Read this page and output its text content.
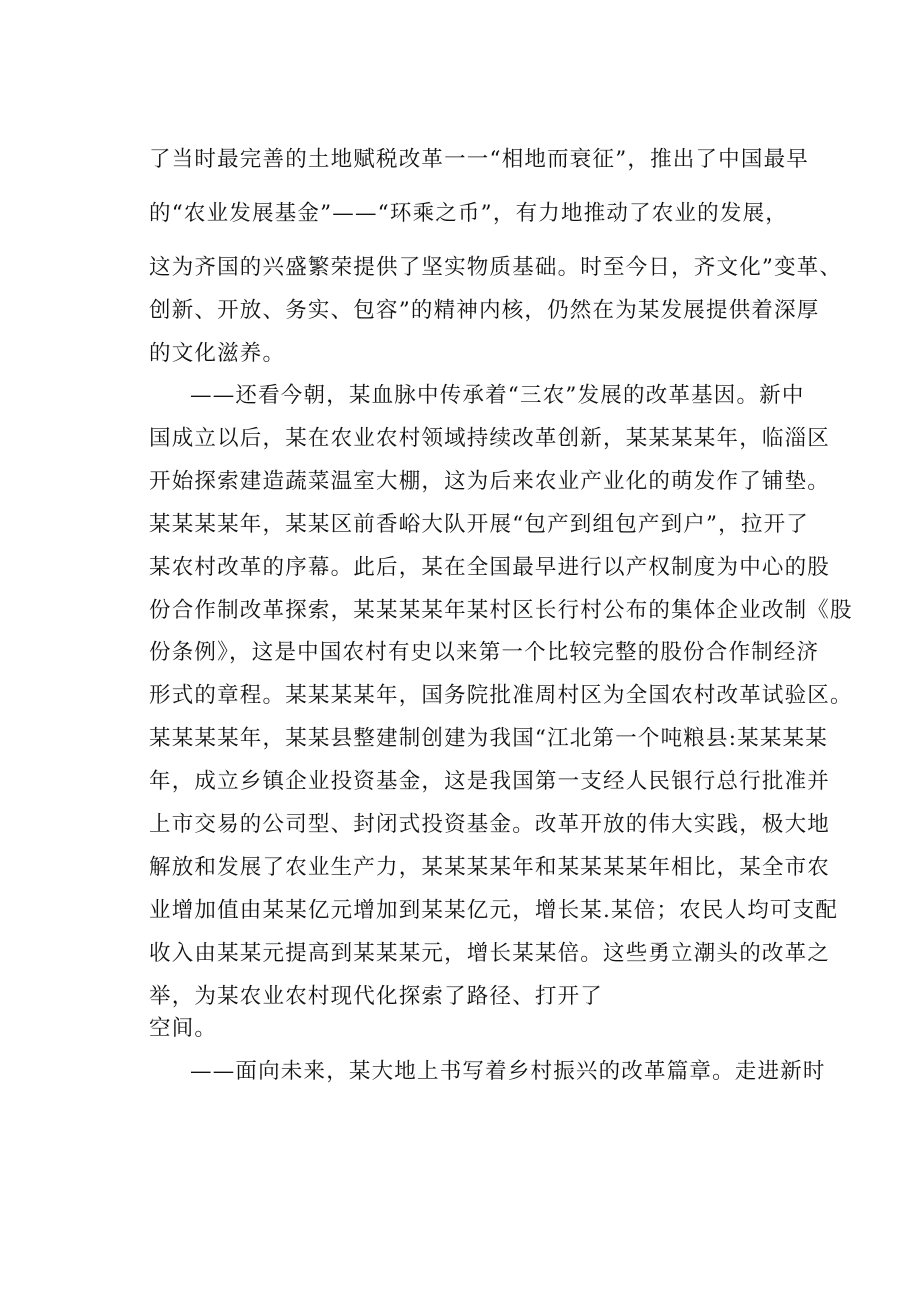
了当时最完善的土地赋税改革一一“相地而衰征”，推出了中国最早
的“农业发展基金”——“环乘之币”，有力地推动了农业的发展，
这为齐国的兴盛繁荣提供了坚实物质基础。时至今日，齐文化”变革、
创新、开放、务实、包容”的精神内核，仍然在为某发展提供着深厚
的文化滋养。
——还看今朝，某血脉中传承着“三农”发展的改革基因。新中
国成立以后，某在农业农村领域持续改革创新，某某某某年，临淄区
开始探索建造蔬菜温室大棚，这为后来农业产业化的萌发作了铺垫。
某某某某年，某某区前香峪大队开展“包产到组包产到户”，拉开了
某农村改革的序幕。此后，某在全国最早进行以产权制度为中心的股
份合作制改革探索，某某某某年某村区长行村公布的集体企业改制《股
份条例》，这是中国农村有史以来第一个比较完整的股份合作制经济
形式的章程。某某某某年，国务院批准周村区为全国农村改革试验区。
某某某某年，某某县整建制创建为我国“江北第一个吨粮县:某某某某
年，成立乡镇企业投资基金，这是我国第一支经人民银行总行批准并
上市交易的公司型、封闭式投资基金。改革开放的伟大实践，极大地
解放和发展了农业生产力，某某某某年和某某某某年相比，某全市农
业增加值由某某亿元增加到某某亿元，增长某.某倍；农民人均可支配
收入由某某元提高到某某某元，增长某某倍。这些勇立潮头的改革之
举，为某农业农村现代化探索了路径、打开了
空间。
——面向未来，某大地上书写着乡村振兴的改革篇章。走进新时
